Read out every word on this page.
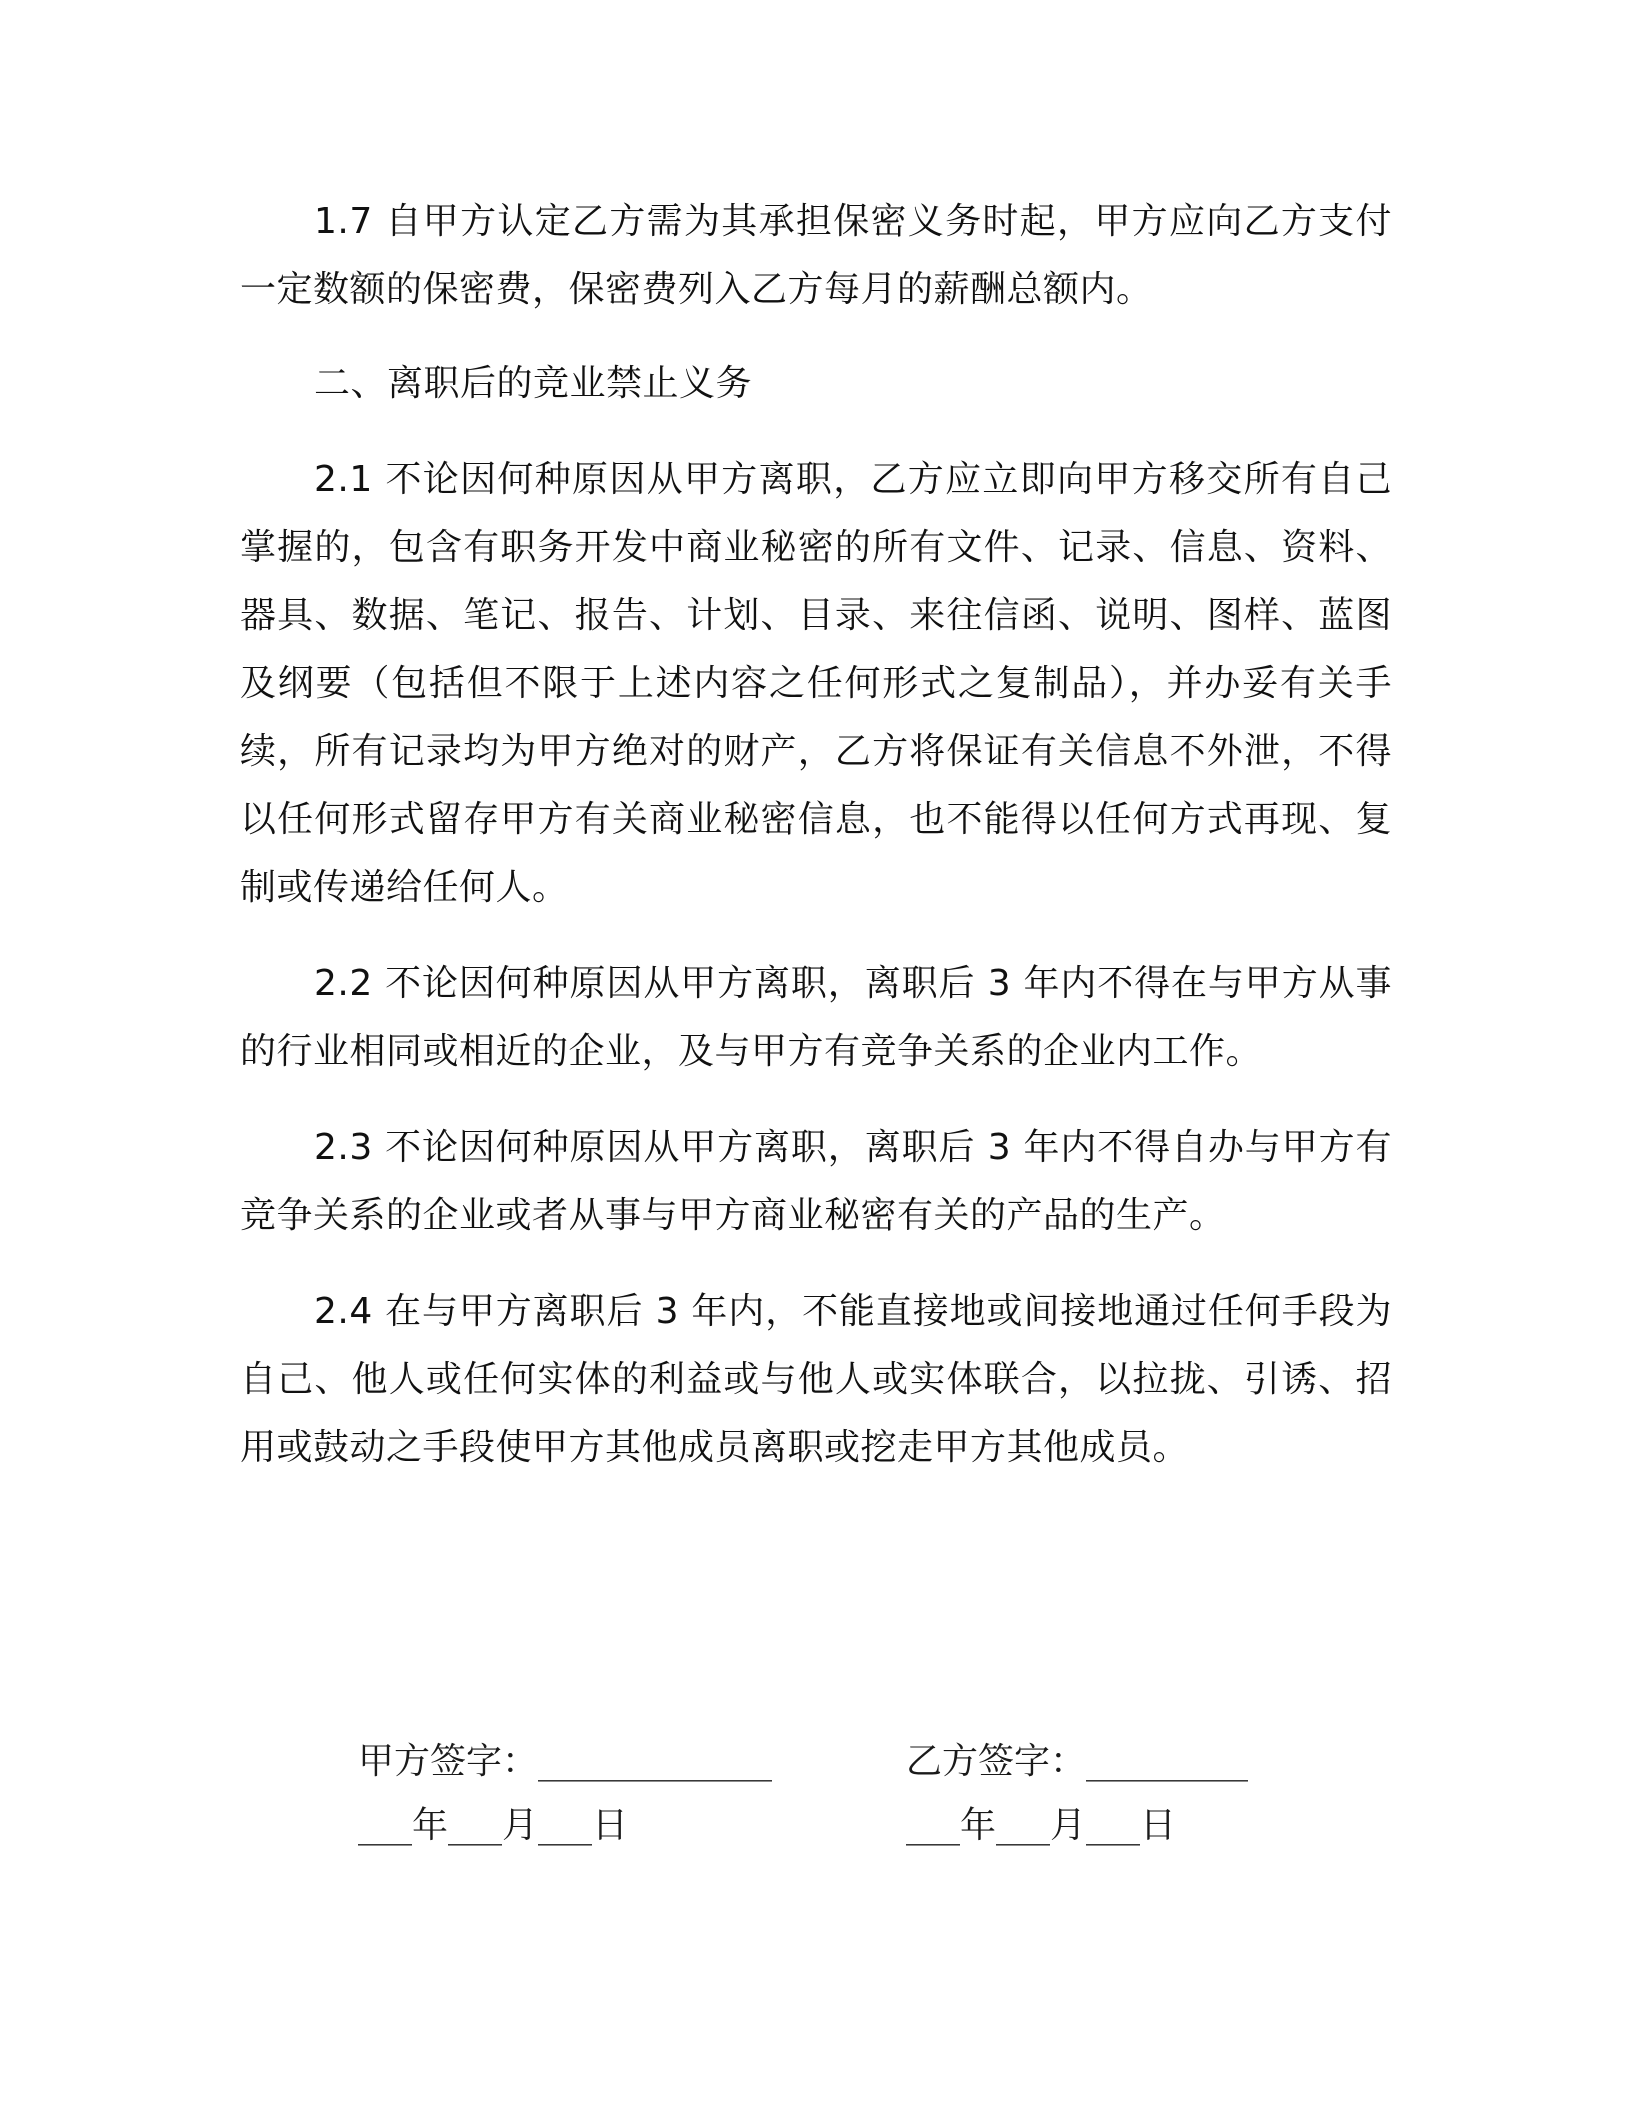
1.7 自甲方认定乙方需为其承担保密义务时起，甲方应向乙方支付一定数额的保密费，保密费列入乙方每月的薪酬总额内。

二、离职后的竞业禁止义务

2.1 不论因何种原因从甲方离职，乙方应立即向甲方移交所有自己掌握的，包含有职务开发中商业秘密的所有文件、记录、信息、资料、器具、数据、笔记、报告、计划、目录、来往信函、说明、图样、蓝图及纲要（包括但不限于上述内容之任何形式之复制品），并办妥有关手续，所有记录均为甲方绝对的财产，乙方将保证有关信息不外泄，不得以任何形式留存甲方有关商业秘密信息，也不能得以任何方式再现、复制或传递给任何人。

2.2 不论因何种原因从甲方离职，离职后 3 年内不得在与甲方从事的行业相同或相近的企业，及与甲方有竞争关系的企业内工作。

2.3 不论因何种原因从甲方离职，离职后 3 年内不得自办与甲方有竞争关系的企业或者从事与甲方商业秘密有关的产品的生产。

2.4 在与甲方离职后 3 年内，不能直接地或间接地通过任何手段为自己、他人或任何实体的利益或与他人或实体联合，以拉拢、引诱、招用或鼓动之手段使甲方其他成员离职或挖走甲方其他成员。

甲方签字：_____________
___年___月___日
乙方签字：_________
___年___月___日
